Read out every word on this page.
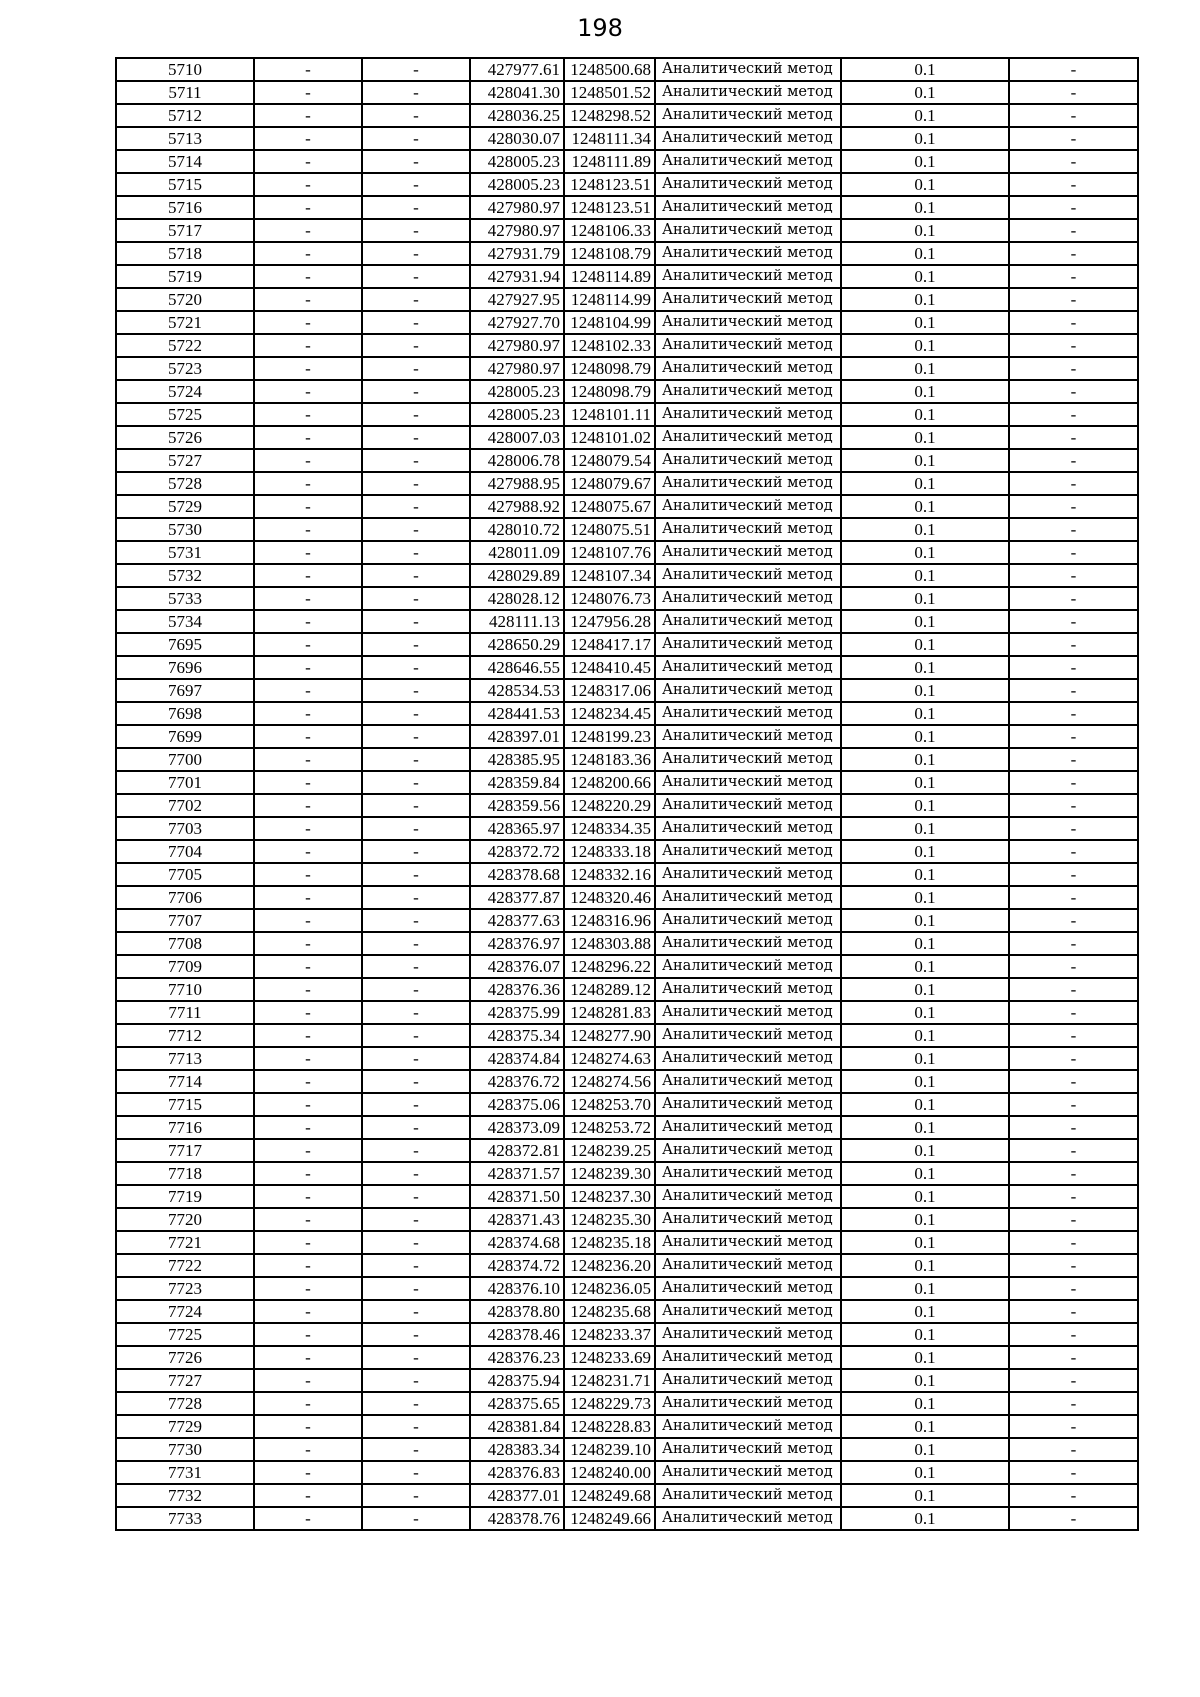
198
5710	-	-	427977.61	1248500.68	Аналитический метод	0.1	-
5711	-	-	428041.30	1248501.52	Аналитический метод	0.1	-
5712	-	-	428036.25	1248298.52	Аналитический метод	0.1	-
5713	-	-	428030.07	1248111.34	Аналитический метод	0.1	-
5714	-	-	428005.23	1248111.89	Аналитический метод	0.1	-
5715	-	-	428005.23	1248123.51	Аналитический метод	0.1	-
5716	-	-	427980.97	1248123.51	Аналитический метод	0.1	-
5717	-	-	427980.97	1248106.33	Аналитический метод	0.1	-
5718	-	-	427931.79	1248108.79	Аналитический метод	0.1	-
5719	-	-	427931.94	1248114.89	Аналитический метод	0.1	-
5720	-	-	427927.95	1248114.99	Аналитический метод	0.1	-
5721	-	-	427927.70	1248104.99	Аналитический метод	0.1	-
5722	-	-	427980.97	1248102.33	Аналитический метод	0.1	-
5723	-	-	427980.97	1248098.79	Аналитический метод	0.1	-
5724	-	-	428005.23	1248098.79	Аналитический метод	0.1	-
5725	-	-	428005.23	1248101.11	Аналитический метод	0.1	-
5726	-	-	428007.03	1248101.02	Аналитический метод	0.1	-
5727	-	-	428006.78	1248079.54	Аналитический метод	0.1	-
5728	-	-	427988.95	1248079.67	Аналитический метод	0.1	-
5729	-	-	427988.92	1248075.67	Аналитический метод	0.1	-
5730	-	-	428010.72	1248075.51	Аналитический метод	0.1	-
5731	-	-	428011.09	1248107.76	Аналитический метод	0.1	-
5732	-	-	428029.89	1248107.34	Аналитический метод	0.1	-
5733	-	-	428028.12	1248076.73	Аналитический метод	0.1	-
5734	-	-	428111.13	1247956.28	Аналитический метод	0.1	-
7695	-	-	428650.29	1248417.17	Аналитический метод	0.1	-
7696	-	-	428646.55	1248410.45	Аналитический метод	0.1	-
7697	-	-	428534.53	1248317.06	Аналитический метод	0.1	-
7698	-	-	428441.53	1248234.45	Аналитический метод	0.1	-
7699	-	-	428397.01	1248199.23	Аналитический метод	0.1	-
7700	-	-	428385.95	1248183.36	Аналитический метод	0.1	-
7701	-	-	428359.84	1248200.66	Аналитический метод	0.1	-
7702	-	-	428359.56	1248220.29	Аналитический метод	0.1	-
7703	-	-	428365.97	1248334.35	Аналитический метод	0.1	-
7704	-	-	428372.72	1248333.18	Аналитический метод	0.1	-
7705	-	-	428378.68	1248332.16	Аналитический метод	0.1	-
7706	-	-	428377.87	1248320.46	Аналитический метод	0.1	-
7707	-	-	428377.63	1248316.96	Аналитический метод	0.1	-
7708	-	-	428376.97	1248303.88	Аналитический метод	0.1	-
7709	-	-	428376.07	1248296.22	Аналитический метод	0.1	-
7710	-	-	428376.36	1248289.12	Аналитический метод	0.1	-
7711	-	-	428375.99	1248281.83	Аналитический метод	0.1	-
7712	-	-	428375.34	1248277.90	Аналитический метод	0.1	-
7713	-	-	428374.84	1248274.63	Аналитический метод	0.1	-
7714	-	-	428376.72	1248274.56	Аналитический метод	0.1	-
7715	-	-	428375.06	1248253.70	Аналитический метод	0.1	-
7716	-	-	428373.09	1248253.72	Аналитический метод	0.1	-
7717	-	-	428372.81	1248239.25	Аналитический метод	0.1	-
7718	-	-	428371.57	1248239.30	Аналитический метод	0.1	-
7719	-	-	428371.50	1248237.30	Аналитический метод	0.1	-
7720	-	-	428371.43	1248235.30	Аналитический метод	0.1	-
7721	-	-	428374.68	1248235.18	Аналитический метод	0.1	-
7722	-	-	428374.72	1248236.20	Аналитический метод	0.1	-
7723	-	-	428376.10	1248236.05	Аналитический метод	0.1	-
7724	-	-	428378.80	1248235.68	Аналитический метод	0.1	-
7725	-	-	428378.46	1248233.37	Аналитический метод	0.1	-
7726	-	-	428376.23	1248233.69	Аналитический метод	0.1	-
7727	-	-	428375.94	1248231.71	Аналитический метод	0.1	-
7728	-	-	428375.65	1248229.73	Аналитический метод	0.1	-
7729	-	-	428381.84	1248228.83	Аналитический метод	0.1	-
7730	-	-	428383.34	1248239.10	Аналитический метод	0.1	-
7731	-	-	428376.83	1248240.00	Аналитический метод	0.1	-
7732	-	-	428377.01	1248249.68	Аналитический метод	0.1	-
7733	-	-	428378.76	1248249.66	Аналитический метод	0.1	-
